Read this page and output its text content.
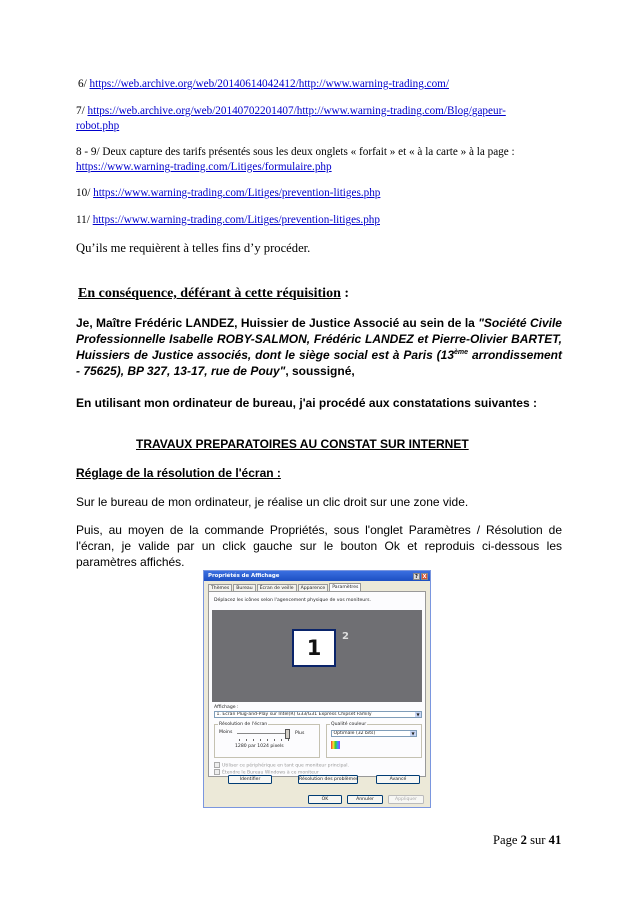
6/ https://web.archive.org/web/20140614042412/http://www.warning-trading.com/
7/ https://web.archive.org/web/20140702201407/http://www.warning-trading.com/Blog/gapeur-
robot.php
8 - 9/ Deux capture des tarifs présentés sous les deux onglets « forfait » et « à la carte » à la page :
https://www.warning-trading.com/Litiges/formulaire.php
10/ https://www.warning-trading.com/Litiges/prevention-litiges.php
11/ https://www.warning-trading.com/Litiges/prevention-litiges.php
Qu’ils me requièrent à telles fins d’y procéder.
En conséquence, déférant à cette réquisition :
Je, Maître Frédéric LANDEZ, Huissier de Justice Associé au sein de la "Société Civile Professionnelle Isabelle ROBY-SALMON, Frédéric LANDEZ et Pierre-Olivier BARTET, Huissiers de Justice associés, dont le siège social est à Paris (13ème arrondissement - 75625), BP 327, 13-17, rue de Pouy", soussigné,
En utilisant mon ordinateur de bureau, j'ai procédé aux constatations suivantes :
TRAVAUX PREPARATOIRES AU CONSTAT SUR INTERNET
Réglage de la résolution de l'écran :
Sur le bureau de mon ordinateur, je réalise un clic droit sur une zone vide.
Puis, au moyen de la commande Propriétés, sous l'onglet Paramètres / Résolution de l'écran, je valide par un click gauche sur le bouton Ok et reproduis ci-dessous les paramètres affichés.
Propriétés de Affichage	? X
Thèmes	Bureau	Écran de veille	Apparence	Paramètres
Déplacez les icônes selon l'agencement physique de vos moniteurs.
1	2
Affichage :
1. Écran Plug-and-Play sur Intel(R) G33/G31 Express Chipset Family	▼
Résolution de l'écran
Moins	Plus
1280 par 1024 pixels
Qualité couleur
Optimale (32 bits)	▼
Utiliser ce périphérique en tant que moniteur principal.
Étendre le Bureau Windows à ce moniteur
Identifier	Résolution des problèmes	Avancé
OK	Annuler	Appliquer
Page 2 sur 41
